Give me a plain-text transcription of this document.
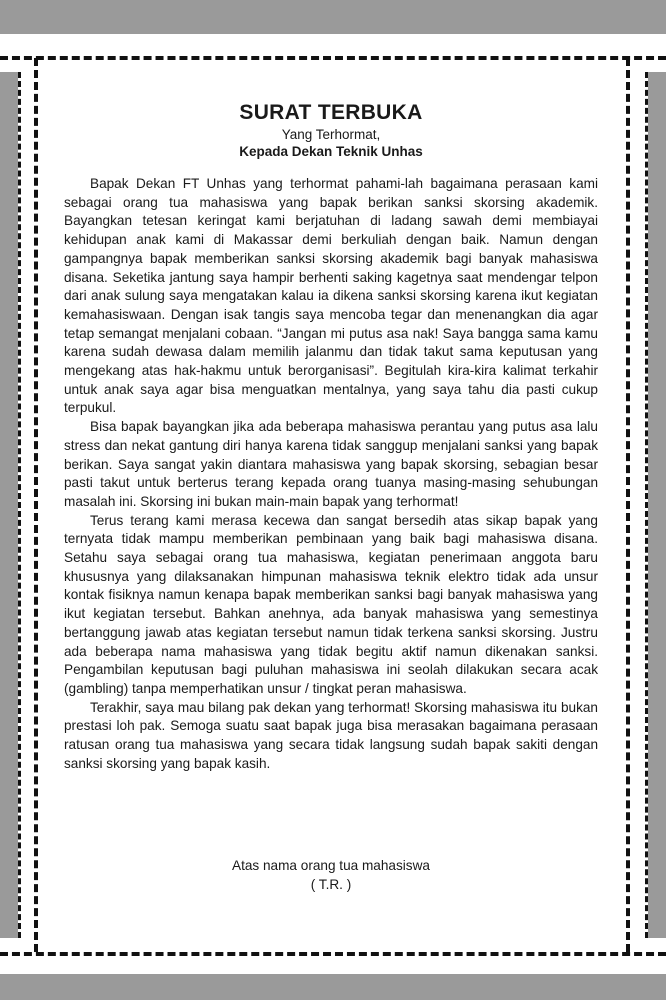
SURAT TERBUKA

Yang Terhormat,

Kepada Dekan Teknik Unhas

Bapak Dekan FT Unhas yang terhormat pahami-lah bagaimana perasaan kami sebagai orang tua mahasiswa yang bapak berikan sanksi skorsing akademik. Bayangkan tetesan keringat kami berjatuhan di ladang sawah demi membiayai kehidupan anak kami di Makassar demi berkuliah dengan baik. Namun dengan gampangnya bapak memberikan sanksi skorsing akademik bagi banyak mahasiswa disana. Seketika jantung saya hampir berhenti saking kagetnya saat mendengar telpon dari anak sulung saya mengatakan kalau ia dikena sanksi skorsing karena ikut kegiatan kemahasiswaan. Dengan isak tangis saya mencoba tegar dan menenangkan dia agar tetap semangat menjalani cobaan. “Jangan mi putus asa nak! Saya bangga sama kamu karena sudah dewasa dalam memilih jalanmu dan tidak takut sama keputusan yang mengekang atas hak-hakmu untuk berorganisasi”. Begitulah kira-kira kalimat terkahir untuk anak saya agar bisa menguatkan mentalnya, yang saya tahu dia pasti cukup terpukul.

Bisa bapak bayangkan jika ada beberapa mahasiswa perantau yang putus asa lalu stress dan nekat gantung diri hanya karena tidak sanggup menjalani sanksi yang bapak berikan. Saya sangat yakin diantara mahasiswa yang bapak skorsing, sebagian besar pasti takut untuk berterus terang kepada orang tuanya masing-masing sehubungan masalah ini. Skorsing ini bukan main-main bapak yang terhormat!

Terus terang kami merasa kecewa dan sangat bersedih atas sikap bapak yang ternyata tidak mampu memberikan pembinaan yang baik bagi mahasiswa disana. Setahu saya sebagai orang tua mahasiswa, kegiatan penerimaan anggota baru khususnya yang dilaksanakan himpunan mahasiswa teknik elektro tidak ada unsur kontak fisiknya namun kenapa bapak memberikan sanksi bagi banyak mahasiswa yang ikut kegiatan tersebut. Bahkan anehnya, ada banyak mahasiswa yang semestinya bertanggung jawab atas kegiatan tersebut namun tidak terkena sanksi skorsing. Justru ada beberapa nama mahasiswa yang tidak begitu aktif namun dikenakan sanksi. Pengambilan keputusan bagi puluhan mahasiswa ini seolah dilakukan secara acak (gambling) tanpa memperhatikan unsur / tingkat peran mahasiswa.

Terakhir, saya mau bilang pak dekan yang terhormat! Skorsing mahasiswa itu bukan prestasi loh pak. Semoga suatu saat bapak juga bisa merasakan bagaimana perasaan ratusan orang tua mahasiswa yang secara tidak langsung sudah bapak sakiti dengan sanksi skorsing yang bapak kasih.

Atas nama orang tua mahasiswa
( T.R. )
